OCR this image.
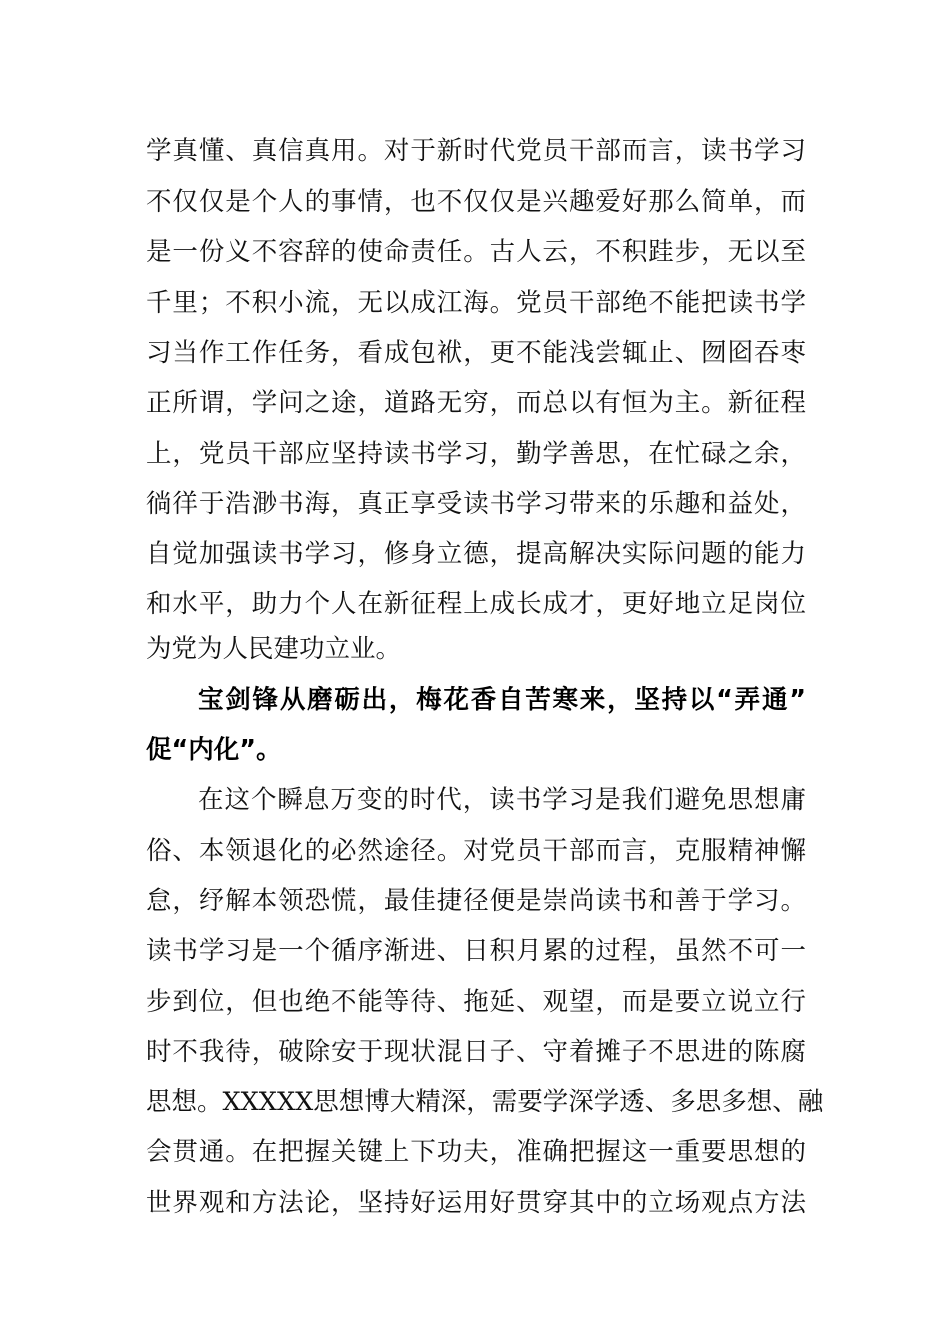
学真懂、真信真用。对于新时代党员干部而言，读书学习
不仅仅是个人的事情，也不仅仅是兴趣爱好那么简单，而
是一份义不容辞的使命责任。古人云，不积跬步，无以至
千里；不积小流，无以成江海。党员干部绝不能把读书学
习当作工作任务，看成包袱，更不能浅尝辄止、囫囵吞枣
正所谓，学问之途，道路无穷，而总以有恒为主。新征程
上，党员干部应坚持读书学习，勤学善思，在忙碌之余，
徜徉于浩渺书海，真正享受读书学习带来的乐趣和益处，
自觉加强读书学习，修身立德，提高解决实际问题的能力
和水平，助力个人在新征程上成长成才，更好地立足岗位
为党为人民建功立业。
宝剑锋从磨砺出，梅花香自苦寒来，坚持以“弄通”
促“内化”。
在这个瞬息万变的时代，读书学习是我们避免思想庸
俗、本领退化的必然途径。对党员干部而言，克服精神懈
怠，纾解本领恐慌，最佳捷径便是崇尚读书和善于学习。
读书学习是一个循序渐进、日积月累的过程，虽然不可一
步到位，但也绝不能等待、拖延、观望，而是要立说立行
时不我待，破除安于现状混日子、守着摊子不思进的陈腐
思想。XXXXX思想博大精深，需要学深学透、多思多想、融
会贯通。在把握关键上下功夫，准确把握这一重要思想的
世界观和方法论，坚持好运用好贯穿其中的立场观点方法
